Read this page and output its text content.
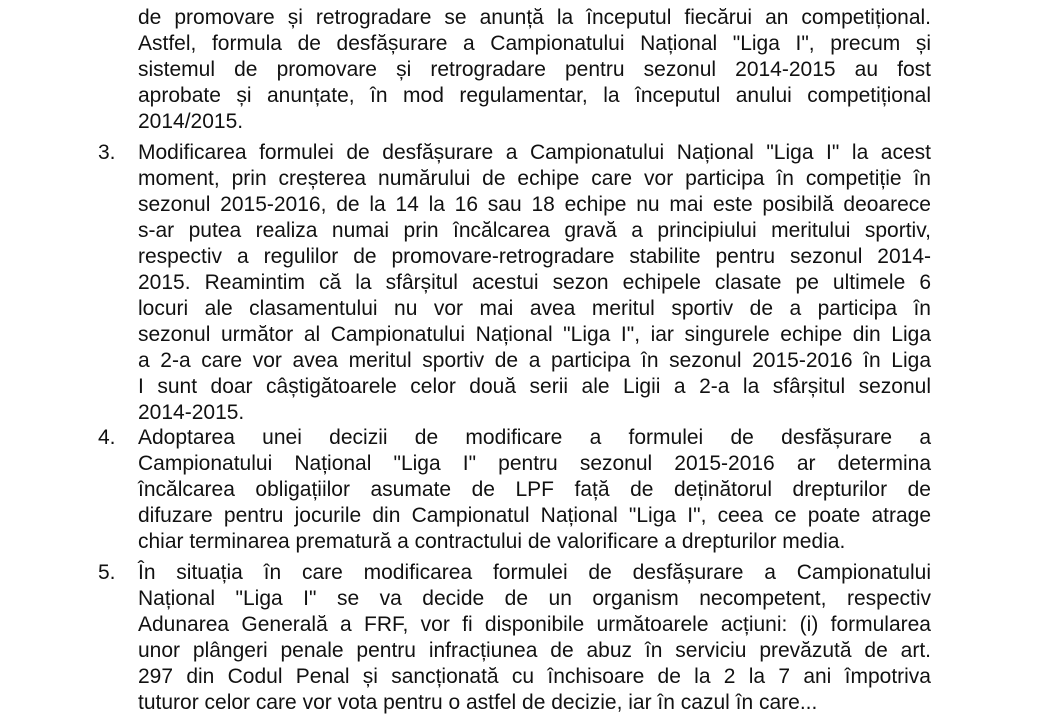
de promovare și retrogradare se anunță la începutul fiecărui an competițional.
Astfel, formula de desfășurare a Campionatului Național "Liga I", precum și
sistemul de promovare și retrogradare pentru sezonul 2014-2015 au fost
aprobate și anunțate, în mod regulamentar, la începutul anului competițional
2014/2015.
3.	Modificarea formulei de desfășurare a Campionatului Național "Liga I" la acest
moment, prin creșterea numărului de echipe care vor participa în competiție în
sezonul 2015-2016, de la 14 la 16 sau 18 echipe nu mai este posibilă deoarece
s-ar putea realiza numai prin încălcarea gravă a principiului meritului sportiv,
respectiv a regulilor de promovare-retrogradare stabilite pentru sezonul 2014-
2015. Reamintim că la sfârșitul acestui sezon echipele clasate pe ultimele 6
locuri ale clasamentului nu vor mai avea meritul sportiv de a participa în
sezonul următor al Campionatului Național "Liga I", iar singurele echipe din Liga
a 2-a care vor avea meritul sportiv de a participa în sezonul 2015-2016 în Liga
I sunt doar câștigătoarele celor două serii ale Ligii a 2-a la sfârșitul sezonul
2014-2015.
4.	Adoptarea unei decizii de modificare a formulei de desfășurare a
Campionatului Național "Liga I" pentru sezonul 2015-2016 ar determina
încălcarea obligațiilor asumate de LPF față de deținătorul drepturilor de
difuzare pentru jocurile din Campionatul Național "Liga I", ceea ce poate atrage
chiar terminarea prematură a contractului de valorificare a drepturilor media.
5.	În situația în care modificarea formulei de desfășurare a Campionatului
Național "Liga I" se va decide de un organism necompetent, respectiv
Adunarea Generală a FRF, vor fi disponibile următoarele acțiuni: (i) formularea
unor plângeri penale pentru infracțiunea de abuz în serviciu prevăzută de art.
297 din Codul Penal și sancționată cu închisoare de la 2 la 7 ani împotriva
tuturor celor care vor vota pentru o astfel de decizie, iar în cazul în care...
